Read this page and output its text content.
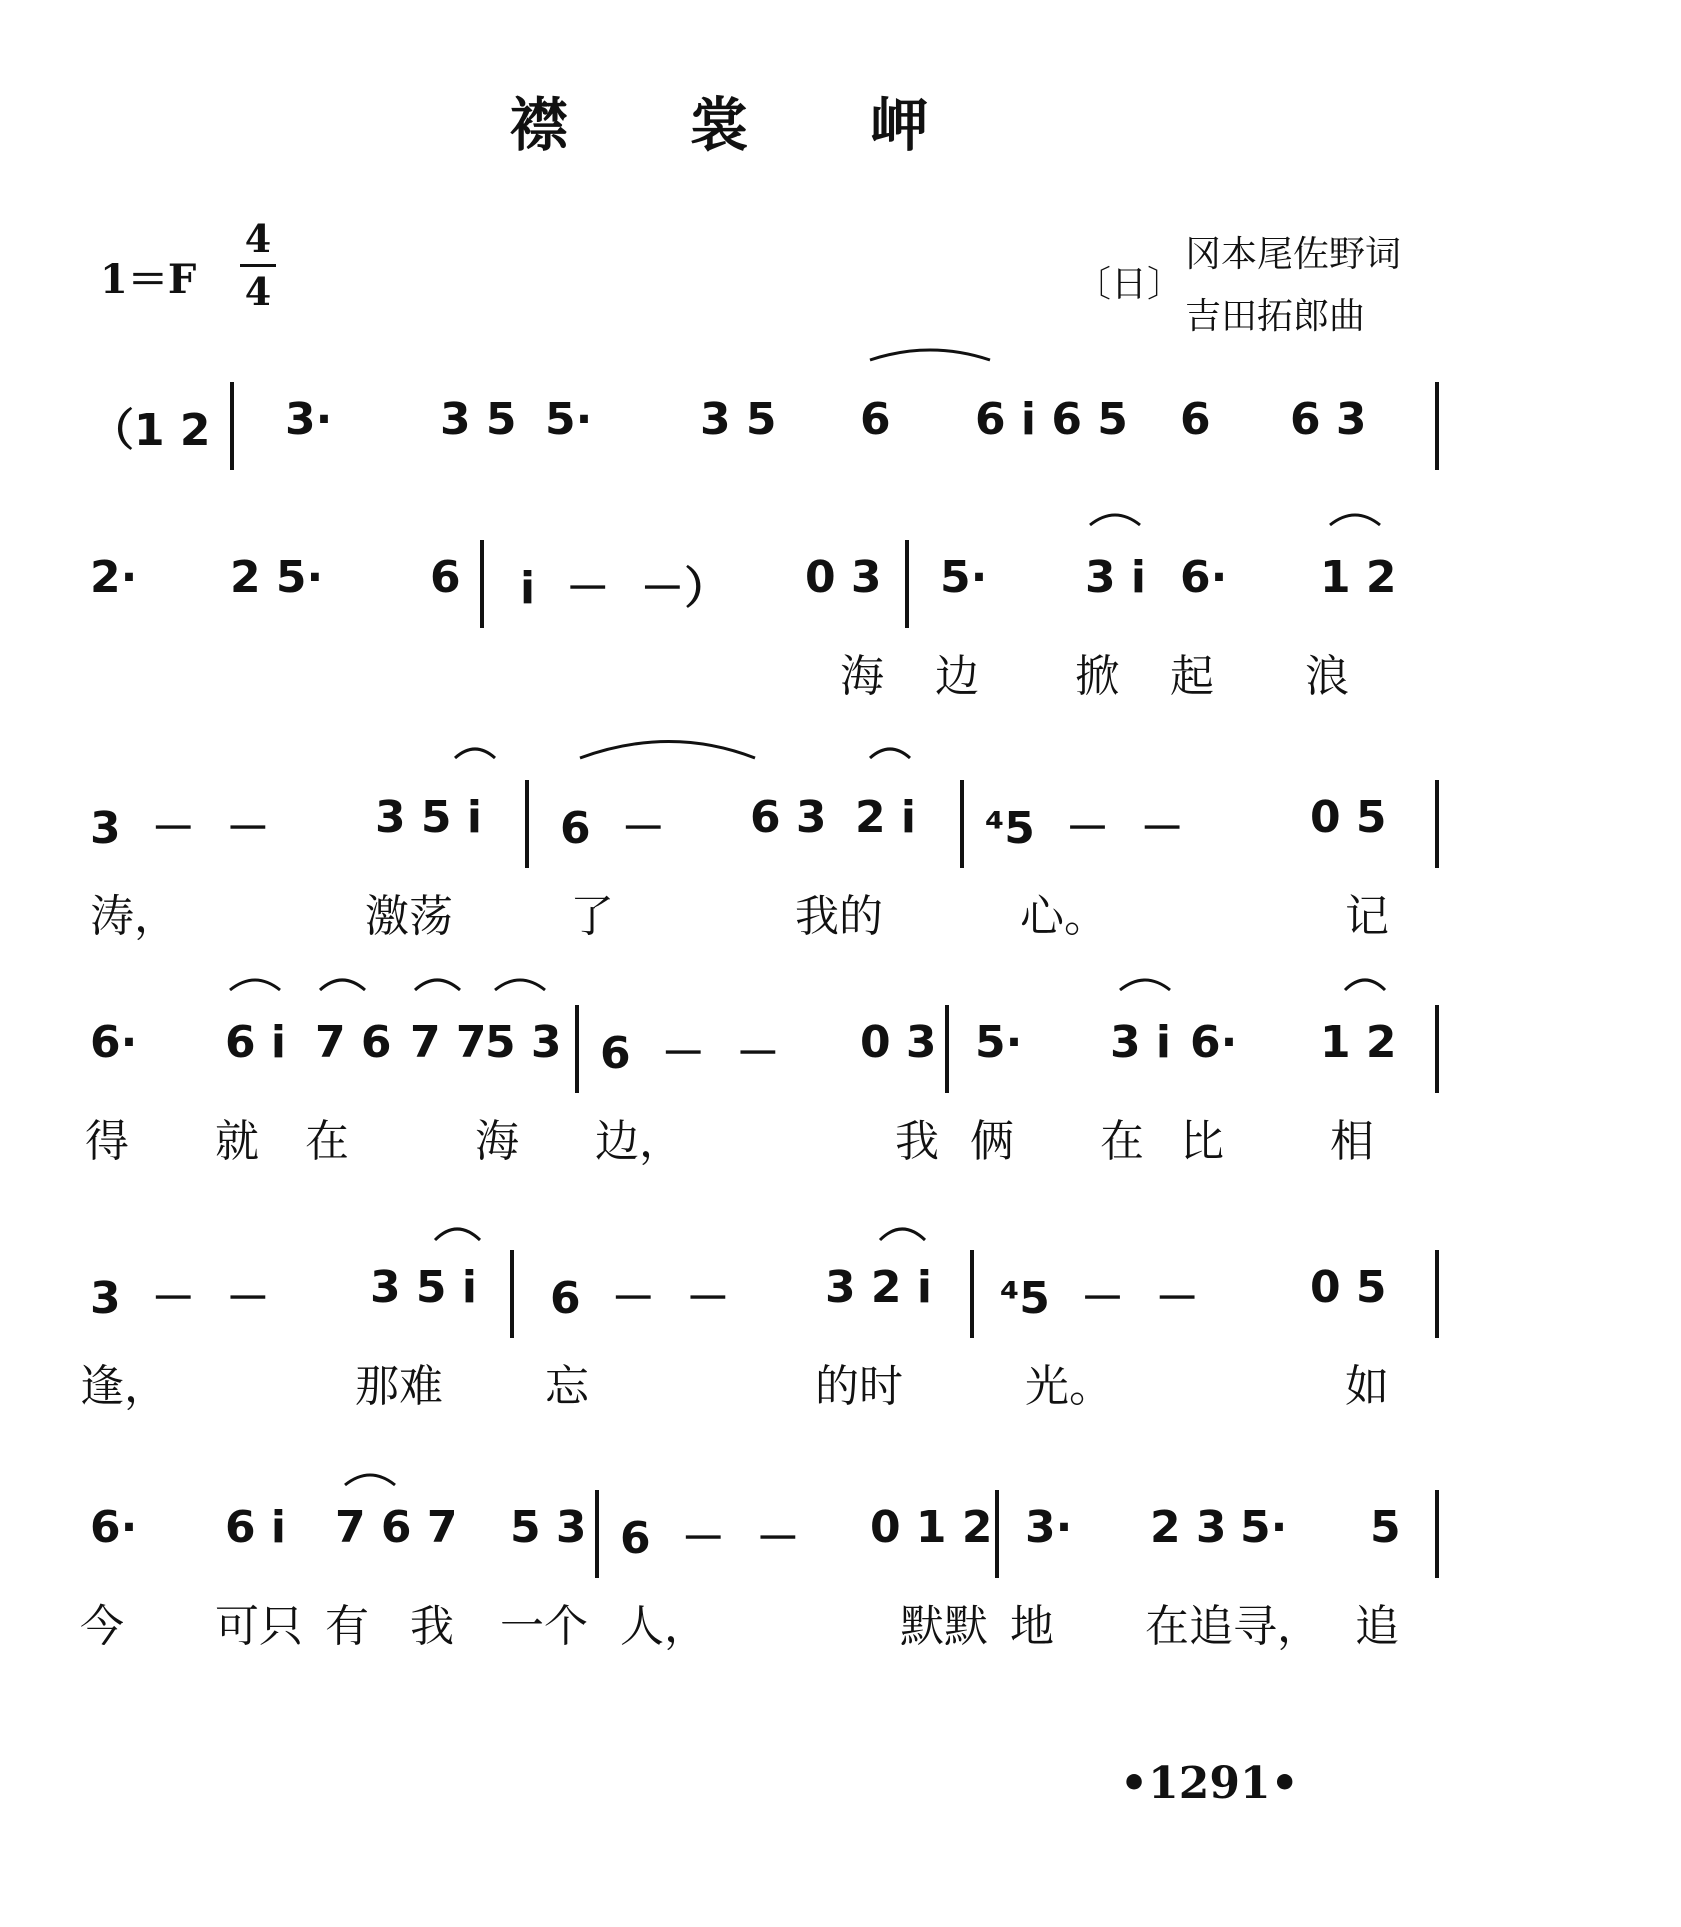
襟裳岬
$1=F \frac{4}{4}$	〔日〕
冈本尾佐野词
吉田拓郎曲
（1 2 3· 3 5 5· 3 5 6 6 i 6 5 6 6 3
2· 2 5· 6 i  －  －） 0 3 5· 3 i 6· 1 2
海 边 掀 起 浪
3  －  － 3 5 i 6  － 6 3 2 i ⁴5  －  －	0 5
涛，	激荡	了	我的	心。	记
6· 6 i 7 6 7 7
5 3 6  －  － 0 3 5· 3 i 6· 1 2
得 就 在	海 边，	我 俩 在 比 相
3  －  － 3 5 i 6  －  － 3 2 i ⁴5  －  －	0 5
逢，	那难 忘	的时	光。	如
6· 6 i 7 6 7 5 3 6  －  － 0 1 2 3· 2 3 5· 5
今 可只 有 我 一个 人，	默默 地 在追寻， 追
•1291•
